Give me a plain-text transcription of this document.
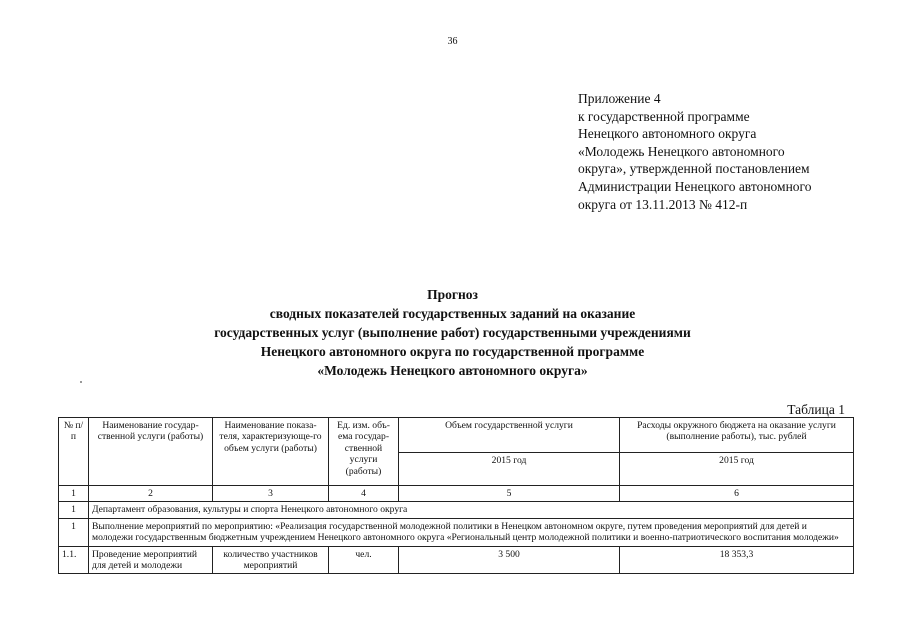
36
Приложение 4
к государственной программе
Ненецкого автономного округа
«Молодежь Ненецкого автономного
округа», утвержденной постановлением
Администрации Ненецкого автономного
округа от 13.11.2013 № 412-п
Прогноз
сводных показателей государственных заданий на оказание
государственных услуг (выполнение работ) государственными учреждениями
Ненецкого автономного округа по государственной программе
«Молодежь Ненецкого автономного округа»
Таблица 1
№ п/п	Наименование государ-ственной услуги (работы)	Наименование показа-теля, характеризующе-го объем услуги (работы)	Ед. изм. объ-ема государ-ственной услуги (работы)	Объем государственной услуги	Расходы окружного бюджета на оказание услуги (выполнение работы), тыс. рублей
				2015 год	2015 год
1	2	3	4	5	6
1	Департамент образования, культуры и спорта Ненецкого автономного округа				
1	Выполнение мероприятий по мероприятию: «Реализация государственной молодежной политики в Ненецком автономном округе, путем проведения мероприятий для детей и молодежи государственным бюджетным учреждением Ненецкого автономного округа «Региональный центр молодежной политики и военно-патриотического воспитания молодежи»				
1.1.	Проведение мероприятий для детей и молодежи	количество участников мероприятий	чел.	3 500	18 353,3
